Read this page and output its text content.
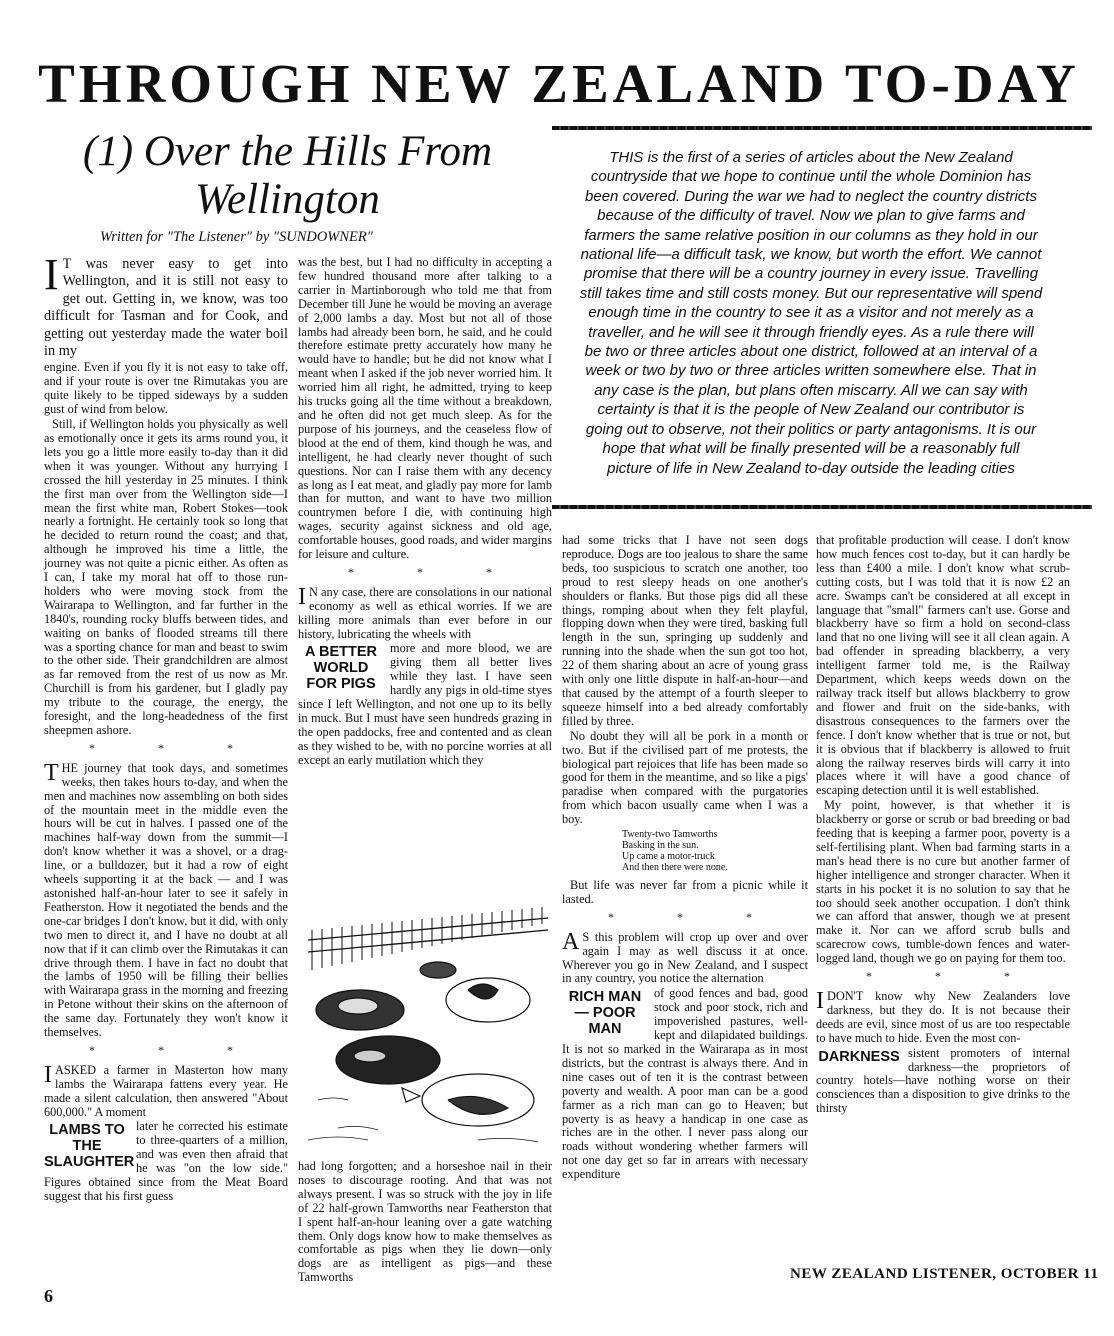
THROUGH NEW ZEALAND TO-DAY
(1) Over the Hills From
Wellington
Written for "The Listener" by "SUNDOWNER"
THIS is the first of a series of articles about the New Zealand countryside that we hope to continue until the whole Dominion has been covered. During the war we had to neglect the country districts because of the difficulty of travel. Now we plan to give farms and farmers the same relative position in our columns as they hold in our national life—a difficult task, we know, but worth the effort. We cannot promise that there will be a country journey in every issue. Travelling still takes time and still costs money. But our representative will spend enough time in the country to see it as a visitor and not merely as a traveller, and he will see it through friendly eyes. As a rule there will be two or three articles about one district, followed at an interval of a week or two by two or three articles written somewhere else. That in any case is the plan, but plans often miscarry. All we can say with certainty is that it is the people of New Zealand our contributor is going out to observe, not their politics or party antagonisms. It is our hope that what will be finally presented will be a reasonably full picture of life in New Zealand to-day outside the leading cities

I T was never easy to get into Wellington, and it is still not easy to get out. Getting in, we know, was too difficult for Tasman and for Cook, and getting out yesterday made the water boil in my

engine. Even if you fly it is not easy to take off, and if your route is over tne Rimutakas you are quite likely to be tipped sideways by a sudden gust of wind from below.

Still, if Wellington holds you physically as well as emotionally once it gets its arms round you, it lets you go a little more easily to-day than it did when it was younger. Without any hurrying I crossed the hill yesterday in 25 minutes. I think the first man over from the Wellington side—I mean the first white man, Robert Stokes—took nearly a fortnight. He certainly took so long that he decided to return round the coast; and that, although he improved his time a little, the journey was not quite a picnic either. As often as I can, I take my moral hat off to those run-holders who were moving stock from the Wairarapa to Wellington, and far further in the 1840's, rounding rocky bluffs between tides, and waiting on banks of flooded streams till there was a sporting chance for man and beast to swim to the other side. Their grandchildren are almost as far removed from the rest of us now as Mr. Churchill is from his gardener, but I gladly pay my tribute to the courage, the energy, the foresight, and the long-headedness of the first sheepmen ashore.

* * *

THE journey that took days, and sometimes weeks, then takes hours to-day, and when the men and machines now assembling on both sides of the mountain meet in the middle even the hours will be cut in halves. I passed one of the machines half-way down from the summit—I don't know whether it was a shovel, or a drag-line, or a bulldozer, but it had a row of eight wheels supporting it at the back — and I was astonished half-an-hour later to see it safely in Featherston. How it negotiated the bends and the one-car bridges I don't know, but it did, with only two men to direct it, and I have no doubt at all now that if it can climb over the Rimutakas it can drive through them. I have in fact no doubt that the lambs of 1950 will be filling their bellies with Wairarapa grass in the morning and freezing in Petone without their skins on the afternoon of the same day. Fortunately they won't know it themselves.

* * *

IASKED a farmer in Masterton how many lambs the Wairarapa fattens every year. He made a silent calculation, then answered "About 600,000." A moment

LAMBS TO THE SLAUGHTER
later he corrected his estimate to three-quarters of a million, and was even then afraid that he was "on the low side." Figures obtained since from the Meat Board suggest that his first guess

was the best, but I had no difficulty in accepting a few hundred thousand more after talking to a carrier in Martinborough who told me that from December till June he would be moving an average of 2,000 lambs a day. Most but not all of those lambs had already been born, he said, and he could therefore estimate pretty accurately how many he would have to handle; but he did not know what I meant when I asked if the job never worried him. It worried him all right, he admitted, trying to keep his trucks going all the time without a breakdown, and he often did not get much sleep. As for the purpose of his journeys, and the ceaseless flow of blood at the end of them, kind though he was, and intelligent, he had clearly never thought of such questions. Nor can I raise them with any decency as long as I eat meat, and gladly pay more for lamb than for mutton, and want to have two million countrymen before I die, with continuing high wages, security against sickness and old age, comfortable houses, good roads, and wider margins for leisure and culture.

* * *

I N any case, there are consolations in our national economy as well as ethical worries. If we are killing more animals than ever before in our history, lubricating the wheels with

A BETTER WORLD FOR PIGS
more and more blood, we are giving them all better lives while they last. I have seen hardly any pigs in old-time styes since I left Wellington, and not one up to its belly in muck. But I must have seen hundreds grazing in the open paddocks, free and contented and as clean as they wished to be, with no porcine worries at all except an early mutilation which they

had long forgotten; and a horseshoe nail in their noses to discourage rooting. And that was not always present. I was so struck with the joy in life of 22 half-grown Tamworths near Featherston that I spent half-an-hour leaning over a gate watching them. Only dogs know how to make themselves as comfortable as pigs when they lie down—only dogs are as intelligent as pigs—and these Tamworths

had some tricks that I have not seen dogs reproduce. Dogs are too jealous to share the same beds, too suspicious to scratch one another, too proud to rest sleepy heads on one another's shoulders or flanks. But those pigs did all these things, romping about when they felt playful, flopping down when they were tired, basking full length in the sun, springing up suddenly and running into the shade when the sun got too hot, 22 of them sharing about an acre of young grass with only one little dispute in half-an-hour—and that caused by the attempt of a fourth sleeper to squeeze himself into a bed already comfortably filled by three.

No doubt they will all be pork in a month or two. But if the civilised part of me protests, the biological part rejoices that life has been made so good for them in the meantime, and so like a pigs' paradise when compared with the purgatories from which bacon usually came when I was a boy.

Twenty-two Tamworths
Basking in the sun.
Up came a motor-truck
And then there were none.

But life was never far from a picnic while it lasted.

* * *

A S this problem will crop up over and over again I may as well discuss it at once. Wherever you go in New Zealand, and I suspect in any country, you notice the alternation

RICH MAN— POOR MAN
of good fences and bad, good stock and poor stock, rich and impoverished pastures, well-kept and dilapidated buildings. It is not so marked in the Wairarapa as in most districts, but the contrast is always there. And in nine cases out of ten it is the contrast between poverty and wealth. A poor man can be a good farmer as a rich man can go to Heaven; but poverty is as heavy a handicap in one case as riches are in the other. I never pass along our roads without wondering whether farmers will not one day get so far in arrears with necessary expenditure

that profitable production will cease. I don't know how much fences cost to-day, but it can hardly be less than £400 a mile. I don't know what scrub-cutting costs, but I was told that it is now £2 an acre. Swamps can't be considered at all except in language that "small" farmers can't use. Gorse and blackberry have so firm a hold on second-class land that no one living will see it all clean again. A bad offender in spreading blackberry, a very intelligent farmer told me, is the Railway Department, which keeps weeds down on the railway track itself but allows blackberry to grow and flower and fruit on the side-banks, with disastrous consequences to the farmers over the fence. I don't know whether that is true or not, but it is obvious that if blackberry is allowed to fruit along the railway reserves birds will carry it into places where it will have a good chance of escaping detection until it is well established.

My point, however, is that whether it is blackberry or gorse or scrub or bad breeding or bad feeding that is keeping a farmer poor, poverty is a self-fertilising plant. When bad farming starts in a man's head there is no cure but another farmer of higher intelligence and stronger character. When it starts in his pocket it is no solution to say that he too should seek another occupation. I don't think we can afford that answer, though we at present make it. Nor can we afford scrub bulls and scarecrow cows, tumble-down fences and water-logged land, though we go on paying for them too.

* * *

IDON'T know why New Zealanders love darkness, but they do. It is not because their deeds are evil, since most of us are too respectable to have much to hide. Even the most con-

DARKNESS sistent promoters of internal darkness—the proprietors of country hotels—have nothing worse on their consciences than a disposition to give drinks to the thirsty

6
NEW ZEALAND LISTENER, OCTOBER 11
